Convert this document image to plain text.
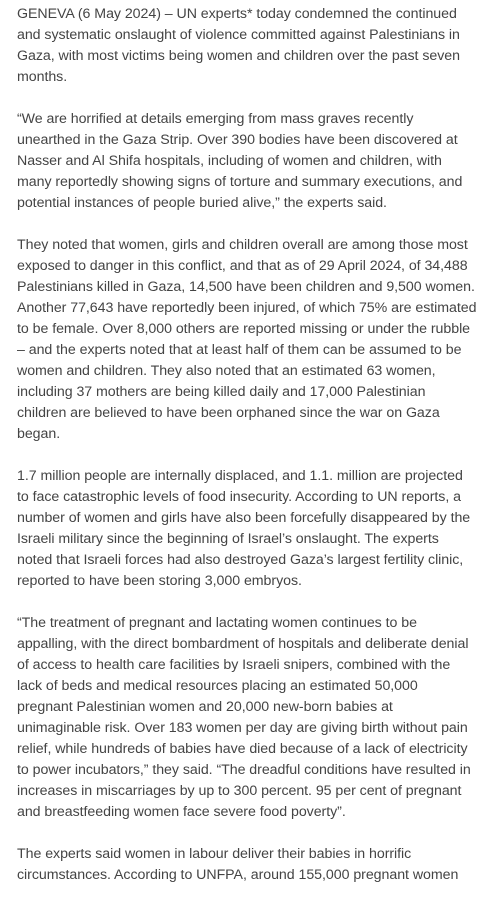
GENEVA (6 May 2024) – UN experts* today condemned the continued and systematic onslaught of violence committed against Palestinians in Gaza, with most victims being women and children over the past seven months.

“We are horrified at details emerging from mass graves recently unearthed in the Gaza Strip. Over 390 bodies have been discovered at Nasser and Al Shifa hospitals, including of women and children, with many reportedly showing signs of torture and summary executions, and potential instances of people buried alive,” the experts said.

They noted that women, girls and children overall are among those most exposed to danger in this conflict, and that as of 29 April 2024, of 34,488 Palestinians killed in Gaza, 14,500 have been children and 9,500 women. Another 77,643 have reportedly been injured, of which 75% are estimated to be female. Over 8,000 others are reported missing or under the rubble – and the experts noted that at least half of them can be assumed to be women and children. They also noted that an estimated 63 women, including 37 mothers are being killed daily and 17,000 Palestinian children are believed to have been orphaned since the war on Gaza began.

1.7 million people are internally displaced, and 1.1. million are projected to face catastrophic levels of food insecurity. According to UN reports, a number of women and girls have also been forcefully disappeared by the Israeli military since the beginning of Israel’s onslaught. The experts noted that Israeli forces had also destroyed Gaza’s largest fertility clinic, reported to have been storing 3,000 embryos.

“The treatment of pregnant and lactating women continues to be appalling, with the direct bombardment of hospitals and deliberate denial of access to health care facilities by Israeli snipers, combined with the lack of beds and medical resources placing an estimated 50,000 pregnant Palestinian women and 20,000 new-born babies at unimaginable risk. Over 183 women per day are giving birth without pain relief, while hundreds of babies have died because of a lack of electricity to power incubators,” they said. “The dreadful conditions have resulted in increases in miscarriages by up to 300 percent. 95 per cent of pregnant and breastfeeding women face severe food poverty”.

The experts said women in labour deliver their babies in horrific circumstances. According to UNFPA, around 155,000 pregnant women
